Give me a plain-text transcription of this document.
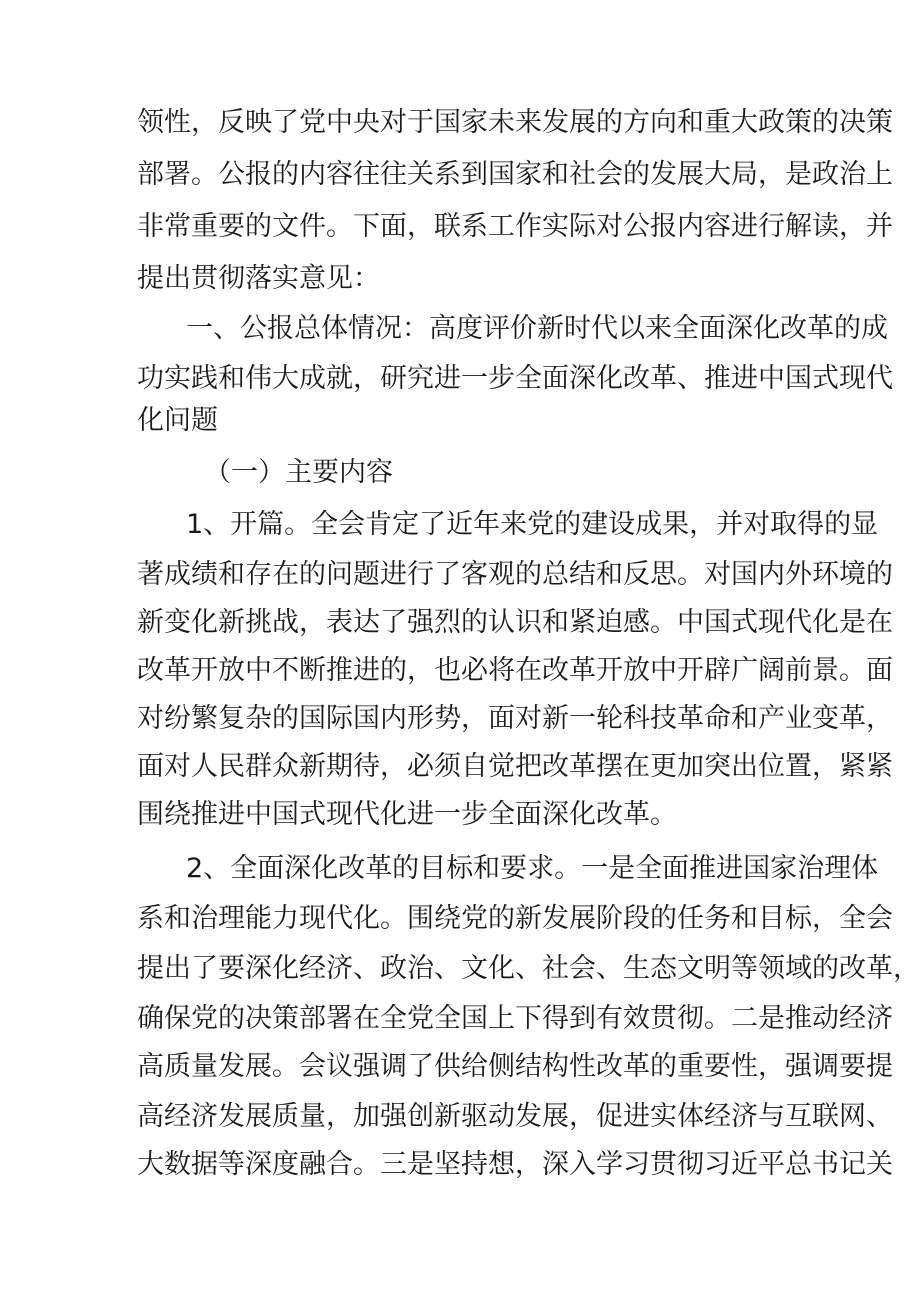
领性，反映了党中央对于国家未来发展的方向和重大政策的决策
部署。公报的内容往往关系到国家和社会的发展大局，是政治上
非常重要的文件。下面，联系工作实际对公报内容进行解读，并
提出贯彻落实意见：
一、公报总体情况：高度评价新时代以来全面深化改革的成
功实践和伟大成就，研究进一步全面深化改革、推进中国式现代
化问题
（一）主要内容
1、开篇。全会肯定了近年来党的建设成果，并对取得的显
著成绩和存在的问题进行了客观的总结和反思。对国内外环境的
新变化新挑战，表达了强烈的认识和紧迫感。中国式现代化是在
改革开放中不断推进的，也必将在改革开放中开辟广阔前景。面
对纷繁复杂的国际国内形势，面对新一轮科技革命和产业变革，
面对人民群众新期待，必须自觉把改革摆在更加突出位置，紧紧
围绕推进中国式现代化进一步全面深化改革。
2、全面深化改革的目标和要求。一是全面推进国家治理体
系和治理能力现代化。围绕党的新发展阶段的任务和目标，全会
提出了要深化经济、政治、文化、社会、生态文明等领域的改革，
确保党的决策部署在全党全国上下得到有效贯彻。二是推动经济
高质量发展。会议强调了供给侧结构性改革的重要性，强调要提
高经济发展质量，加强创新驱动发展，促进实体经济与互联网、
大数据等深度融合。三是坚持想，深入学习贯彻习近平总书记关
